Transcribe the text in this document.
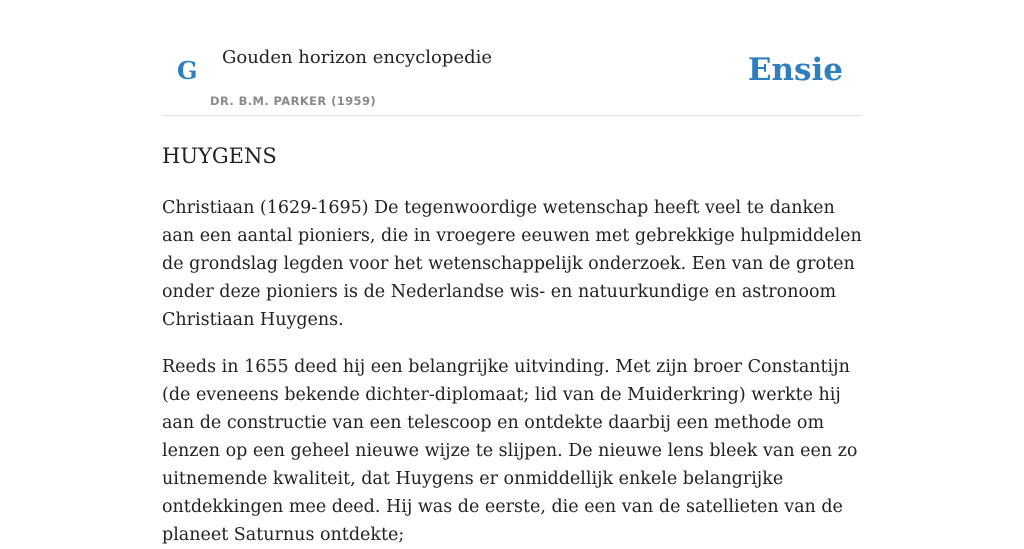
G Gouden horizon encyclopedie
DR. B.M. PARKER (1959)
Ensie
HUYGENS

Christiaan (1629-1695) De tegenwoordige wetenschap heeft veel te danken aan een aantal pioniers, die in vroegere eeuwen met gebrekkige hulpmiddelen de grondslag legden voor het wetenschappelijk onderzoek. Een van de groten onder deze pioniers is de Nederlandse wis- en natuurkundige en astronoom Christiaan Huygens.

Reeds in 1655 deed hij een belangrijke uitvinding. Met zijn broer Constantijn (de eveneens bekende dichter-diplomaat; lid van de Muiderkring) werkte hij aan de constructie van een telescoop en ontdekte daarbij een methode om lenzen op een geheel nieuwe wijze te slijpen. De nieuwe lens bleek van een zo uitnemende kwaliteit, dat Huygens er onmiddellijk enkele belangrijke ontdekkingen mee deed. Hij was de eerste, die een van de satellieten van de planeet Saturnus ontdekte;
